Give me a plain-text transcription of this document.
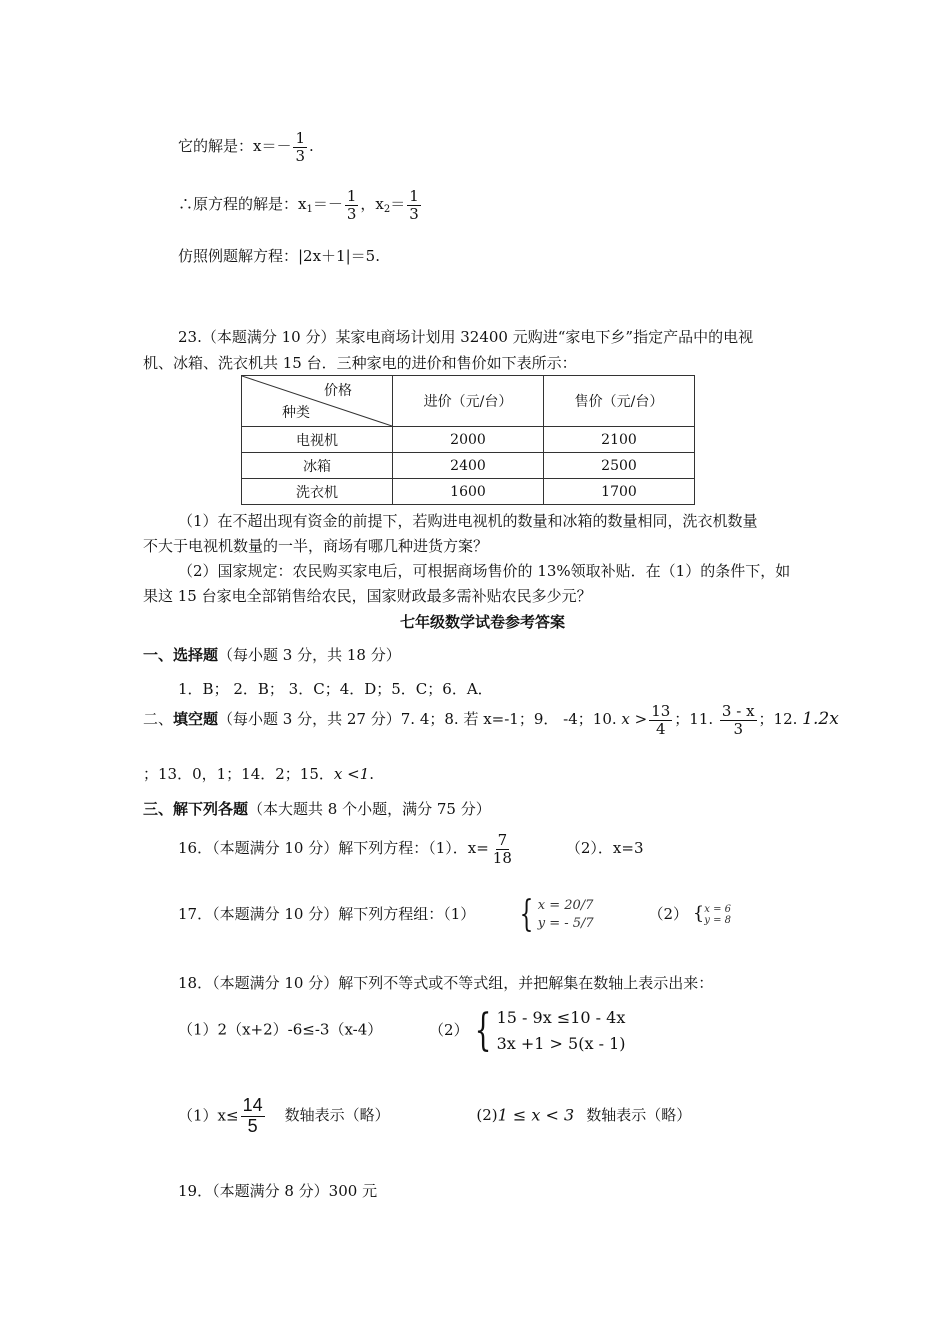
它的解是：$x=- \frac{1}{3}$ .
∴原方程的解是：$x_1=- \frac{1}{3}$ ，$x_2= \frac{1}{3}$
仿照例题解方程：|2x＋1|＝5.
23.（本题满分 10 分）某家电商场计划用 32400 元购进“家电下乡”指定产品中的电视
机、冰箱、洗衣机共 15 台．三种家电的进价和售价如下表所示：
价格
种类	进价（元/台）	售价（元/台）
电视机	2000	2100
冰箱	2400	2500
洗衣机	1600	1700
（1）在不超出现有资金的前提下，若购进电视机的数量和冰箱的数量相同，洗衣机数量
不大于电视机数量的一半，商场有哪几种进货方案？
（2）国家规定：农民购买家电后，可根据商场售价的 13%领取补贴．在（1）的条件下，如
果这 15 台家电全部销售给农民，国家财政最多需补贴农民多少元？
七年级数学试卷参考答案
一、选择题（每小题 3 分，共 18 分）
1．B； 2．B； 3．C；4．D；5．C；6．A．
二、填空题（每小题 3 分，共 27 分）7. 4；8. 若 x=-1；9． -4；10. $x > \frac{13}{4}$ ；11. $\frac{3 - x}{3}$ ；12. 1.2x
；13．0，1；14．2；15．x <1.
三、解下列各题（本大题共 8 个小题，满分 75 分）
16．（本题满分 10 分）解下列方程：（1）．$x= \frac{7}{18}$	（2）．x=3
17．（本题满分 10 分）解下列方程组：（1） { x = 20/7
y = - 5/7
（2） { x = 6
y = 8
18．（本题满分 10 分）解下列不等式或不等式组，并把解集在数轴上表示出来：
（1）2（x+2）-6≤-3（x-4）	（2） { 15 - 9x ≤10 - 4x
3x +1 > 5(x - 1)
$(1)x\le \frac{14}{5}$ 数轴表示（略）	(2)1 ≤ x < 3 数轴表示（略）
19．（本题满分 8 分）300 元
